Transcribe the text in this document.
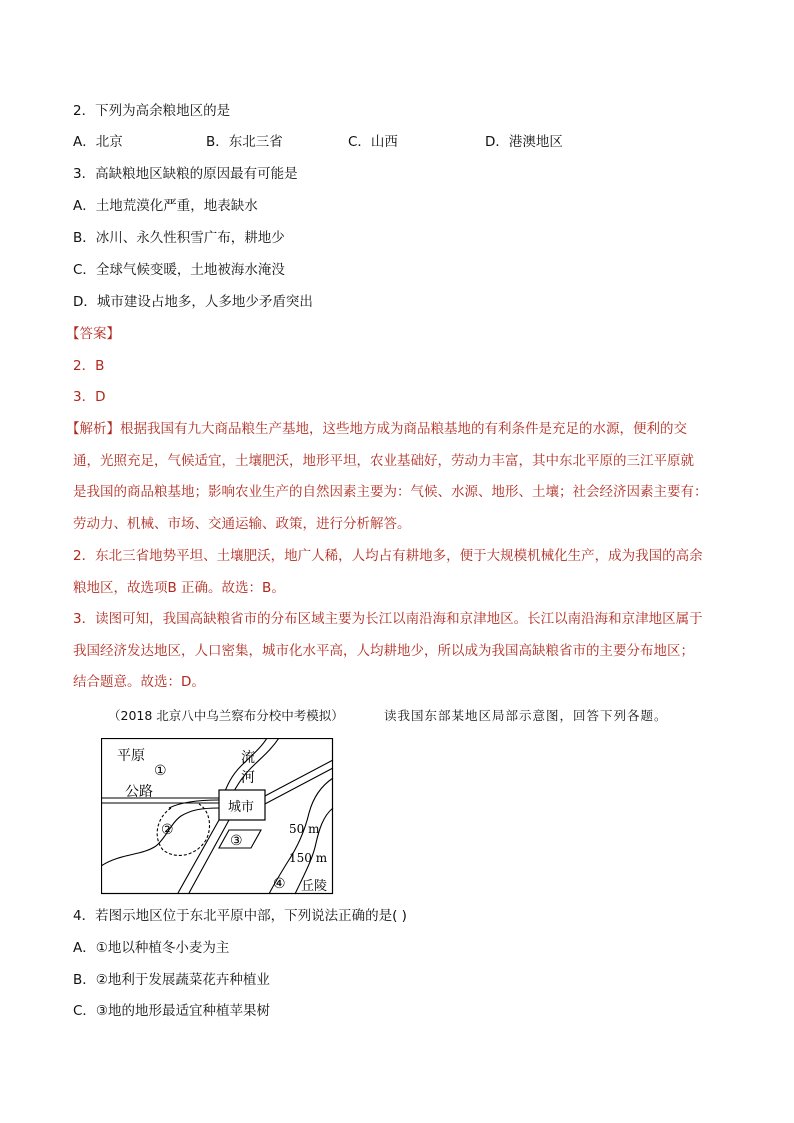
2．下列为高余粮地区的是
A．北京	B．东北三省	C．山西	D．港澳地区
3．高缺粮地区缺粮的原因最有可能是
A．土地荒漠化严重，地表缺水
B．冰川、永久性积雪广布，耕地少
C．全球气候变暖，土地被海水淹没
D．城市建设占地多，人多地少矛盾突出
【答案】
2．B
3．D
【解析】根据我国有九大商品粮生产基地，这些地方成为商品粮基地的有利条件是充足的水源，便利的交
通，光照充足，气候适宜，土壤肥沃，地形平坦，农业基础好，劳动力丰富，其中东北平原的三江平原就
是我国的商品粮基地；影响农业生产的自然因素主要为：气候、水源、地形、土壤；社会经济因素主要有：
劳动力、机械、市场、交通运输、政策，进行分析解答。
2．东北三省地势平坦、土壤肥沃，地广人稀，人均占有耕地多，便于大规模机械化生产，成为我国的高余
粮地区，故选项B 正确。故选：B。
3．读图可知，我国高缺粮省市的分布区域主要为长江以南沿海和京津地区。长江以南沿海和京津地区属于
我国经济发达地区，人口密集，城市化水平高，人均耕地少，所以成为我国高缺粮省市的主要分布地区；
结合题意。故选：D。
（2018 北京八中乌兰察布分校中考模拟）	读我国东部某地区局部示意图，回答下列各题。
平原
①
流
河
公路
城市
②
③
50 m
150 m
④ 丘陵
4．若图示地区位于东北平原中部，下列说法正确的是( )
A．①地以种植冬小麦为主
B．②地利于发展蔬菜花卉种植业
C．③地的地形最适宜种植苹果树
